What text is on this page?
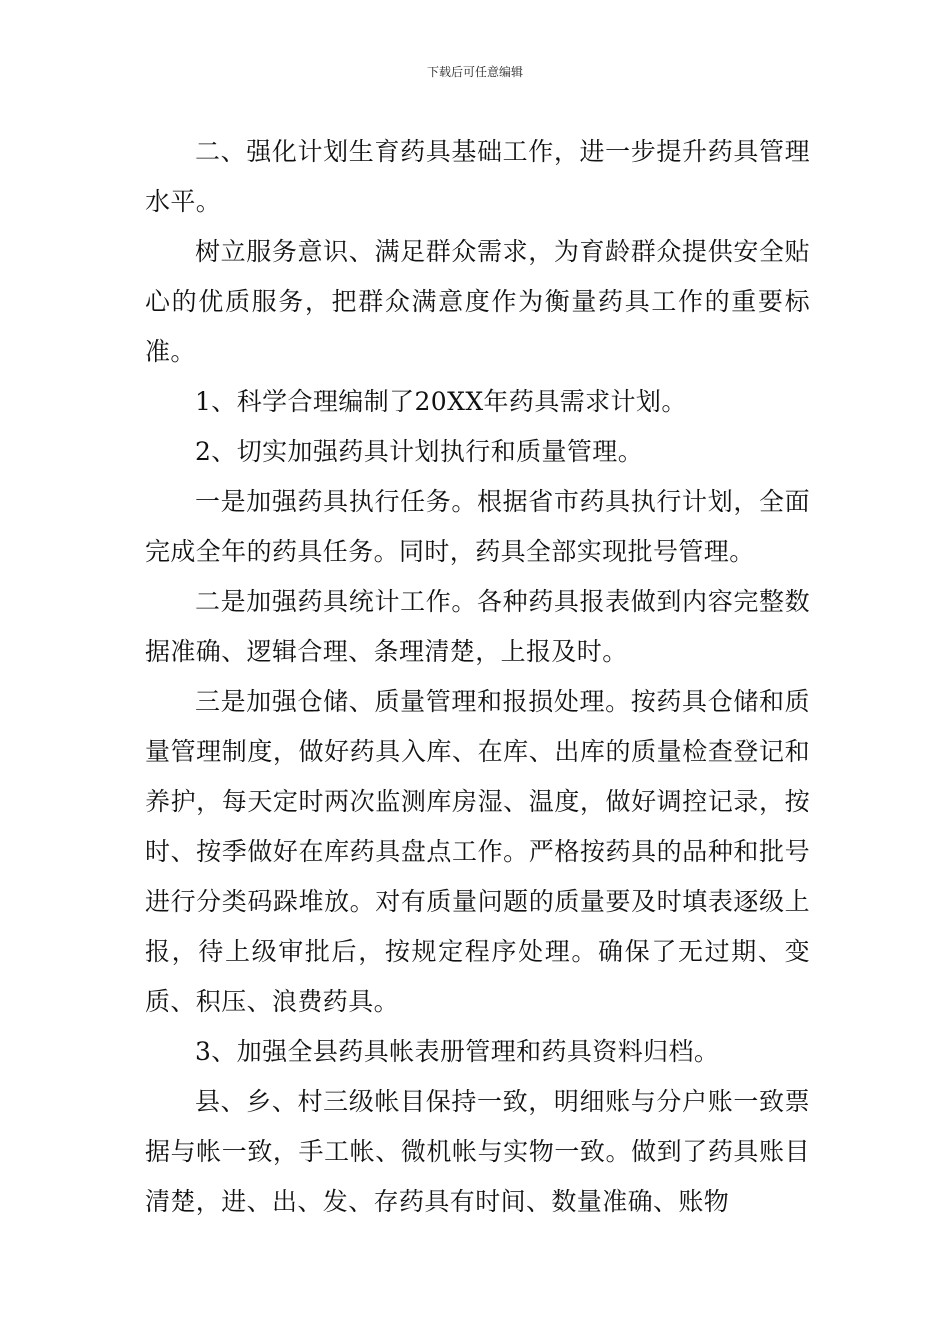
下载后可任意编辑

二、强化计划生育药具基础工作，进一步提升药具管理水平。

树立服务意识、满足群众需求，为育龄群众提供安全贴心的优质服务，把群众满意度作为衡量药具工作的重要标准。

1、科学合理编制了20XX年药具需求计划。

2、切实加强药具计划执行和质量管理。

一是加强药具执行任务。根据省市药具执行计划，全面完成全年的药具任务。同时，药具全部实现批号管理。

二是加强药具统计工作。各种药具报表做到内容完整数据准确、逻辑合理、条理清楚，上报及时。

三是加强仓储、质量管理和报损处理。按药具仓储和质量管理制度，做好药具入库、在库、出库的质量检查登记和养护，每天定时两次监测库房湿、温度，做好调控记录，按时、按季做好在库药具盘点工作。严格按药具的品种和批号进行分类码跺堆放。对有质量问题的质量要及时填表逐级上报，待上级审批后，按规定程序处理。确保了无过期、变质、积压、浪费药具。

3、加强全县药具帐表册管理和药具资料归档。

县、乡、村三级帐目保持一致，明细账与分户账一致票据与帐一致，手工帐、微机帐与实物一致。做到了药具账目清楚，进、出、发、存药具有时间、数量准确、账物
